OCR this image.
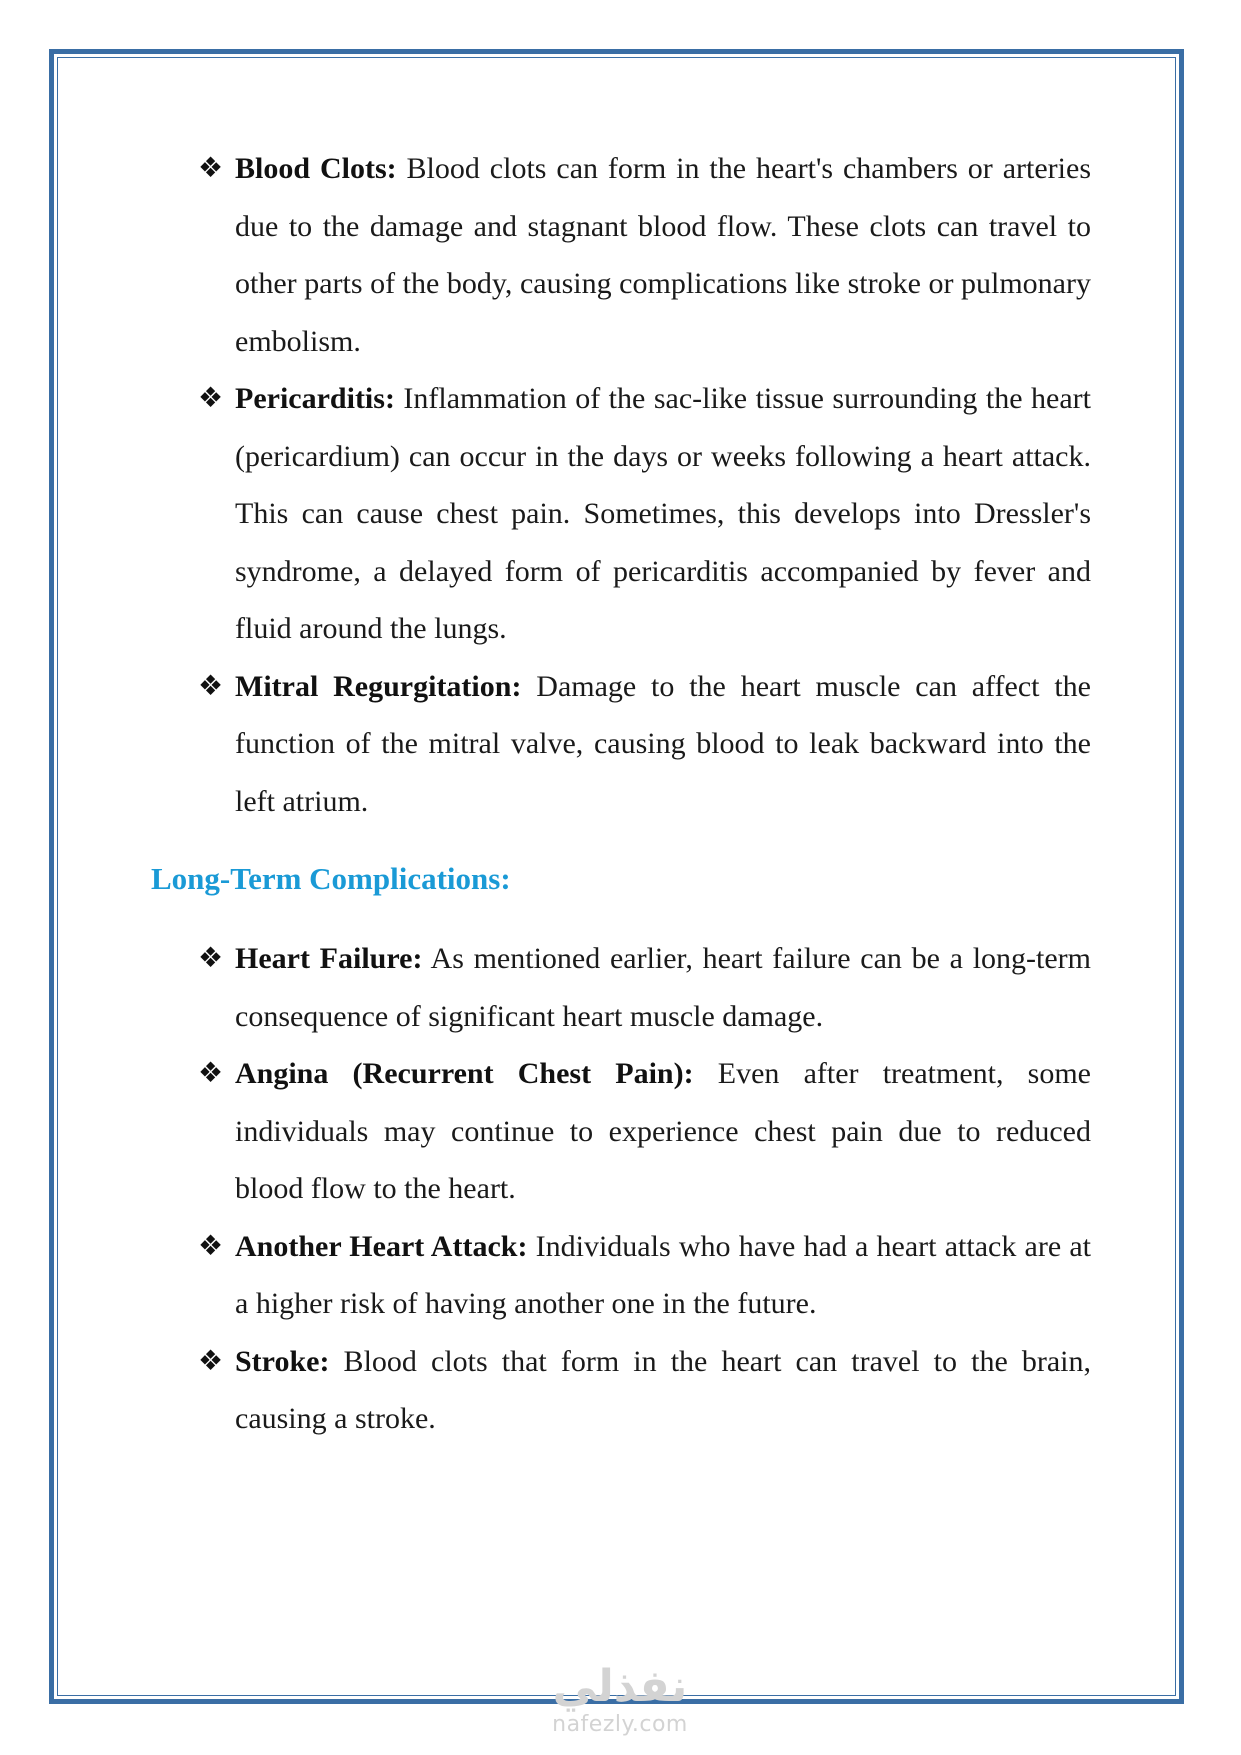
❖ Blood Clots: Blood clots can form in the heart's chambers or arteries due to the damage and stagnant blood flow. These clots can travel to other parts of the body, causing complications like stroke or pulmonary embolism.
❖ Pericarditis: Inflammation of the sac-like tissue surrounding the heart (pericardium) can occur in the days or weeks following a heart attack. This can cause chest pain. Sometimes, this develops into Dressler's syndrome, a delayed form of pericarditis accompanied by fever and fluid around the lungs.
❖ Mitral Regurgitation: Damage to the heart muscle can affect the function of the mitral valve, causing blood to leak backward into the left atrium.
Long-Term Complications:
❖ Heart Failure: As mentioned earlier, heart failure can be a long-term consequence of significant heart muscle damage.
❖ Angina (Recurrent Chest Pain): Even after treatment, some individuals may continue to experience chest pain due to reduced blood flow to the heart.
❖ Another Heart Attack: Individuals who have had a heart attack are at a higher risk of having another one in the future.
❖ Stroke: Blood clots that form in the heart can travel to the brain, causing a stroke.
نفذلي
nafezly.com
